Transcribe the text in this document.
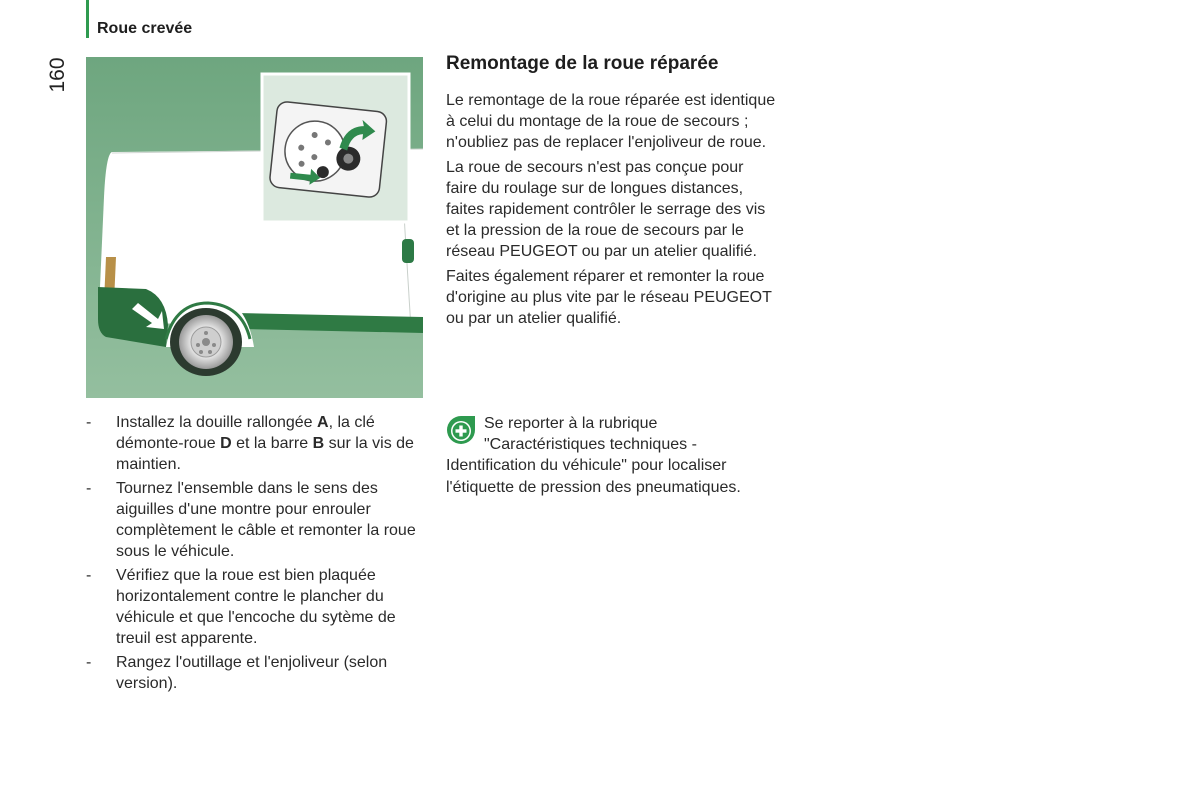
Roue crevée
160
- Installez la douille rallongée A, la clé démonte-roue D et la barre B sur la vis de maintien.
- Tournez l'ensemble dans le sens des aiguilles d'une montre pour enrouler complètement le câble et remonter la roue sous le véhicule.
- Vérifiez que la roue est bien plaquée horizontalement contre le plancher du véhicule et que l'encoche du sytème de treuil est apparente.
- Rangez l'outillage et l'enjoliveur (selon version).
Remontage de la roue réparée

Le remontage de la roue réparée est identique à celui du montage de la roue de secours ; n'oubliez pas de replacer l'enjoliveur de roue.

La roue de secours n'est pas conçue pour faire du roulage sur de longues distances, faites rapidement contrôler le serrage des vis et la pression de la roue de secours par le réseau PEUGEOT ou par un atelier qualifié.

Faites également réparer et remonter la roue d'origine au plus vite par le réseau PEUGEOT ou par un atelier qualifié.

Se reporter à la rubrique "Caractéristiques techniques - Identification du véhicule" pour localiser l'étiquette de pression des pneumatiques.
